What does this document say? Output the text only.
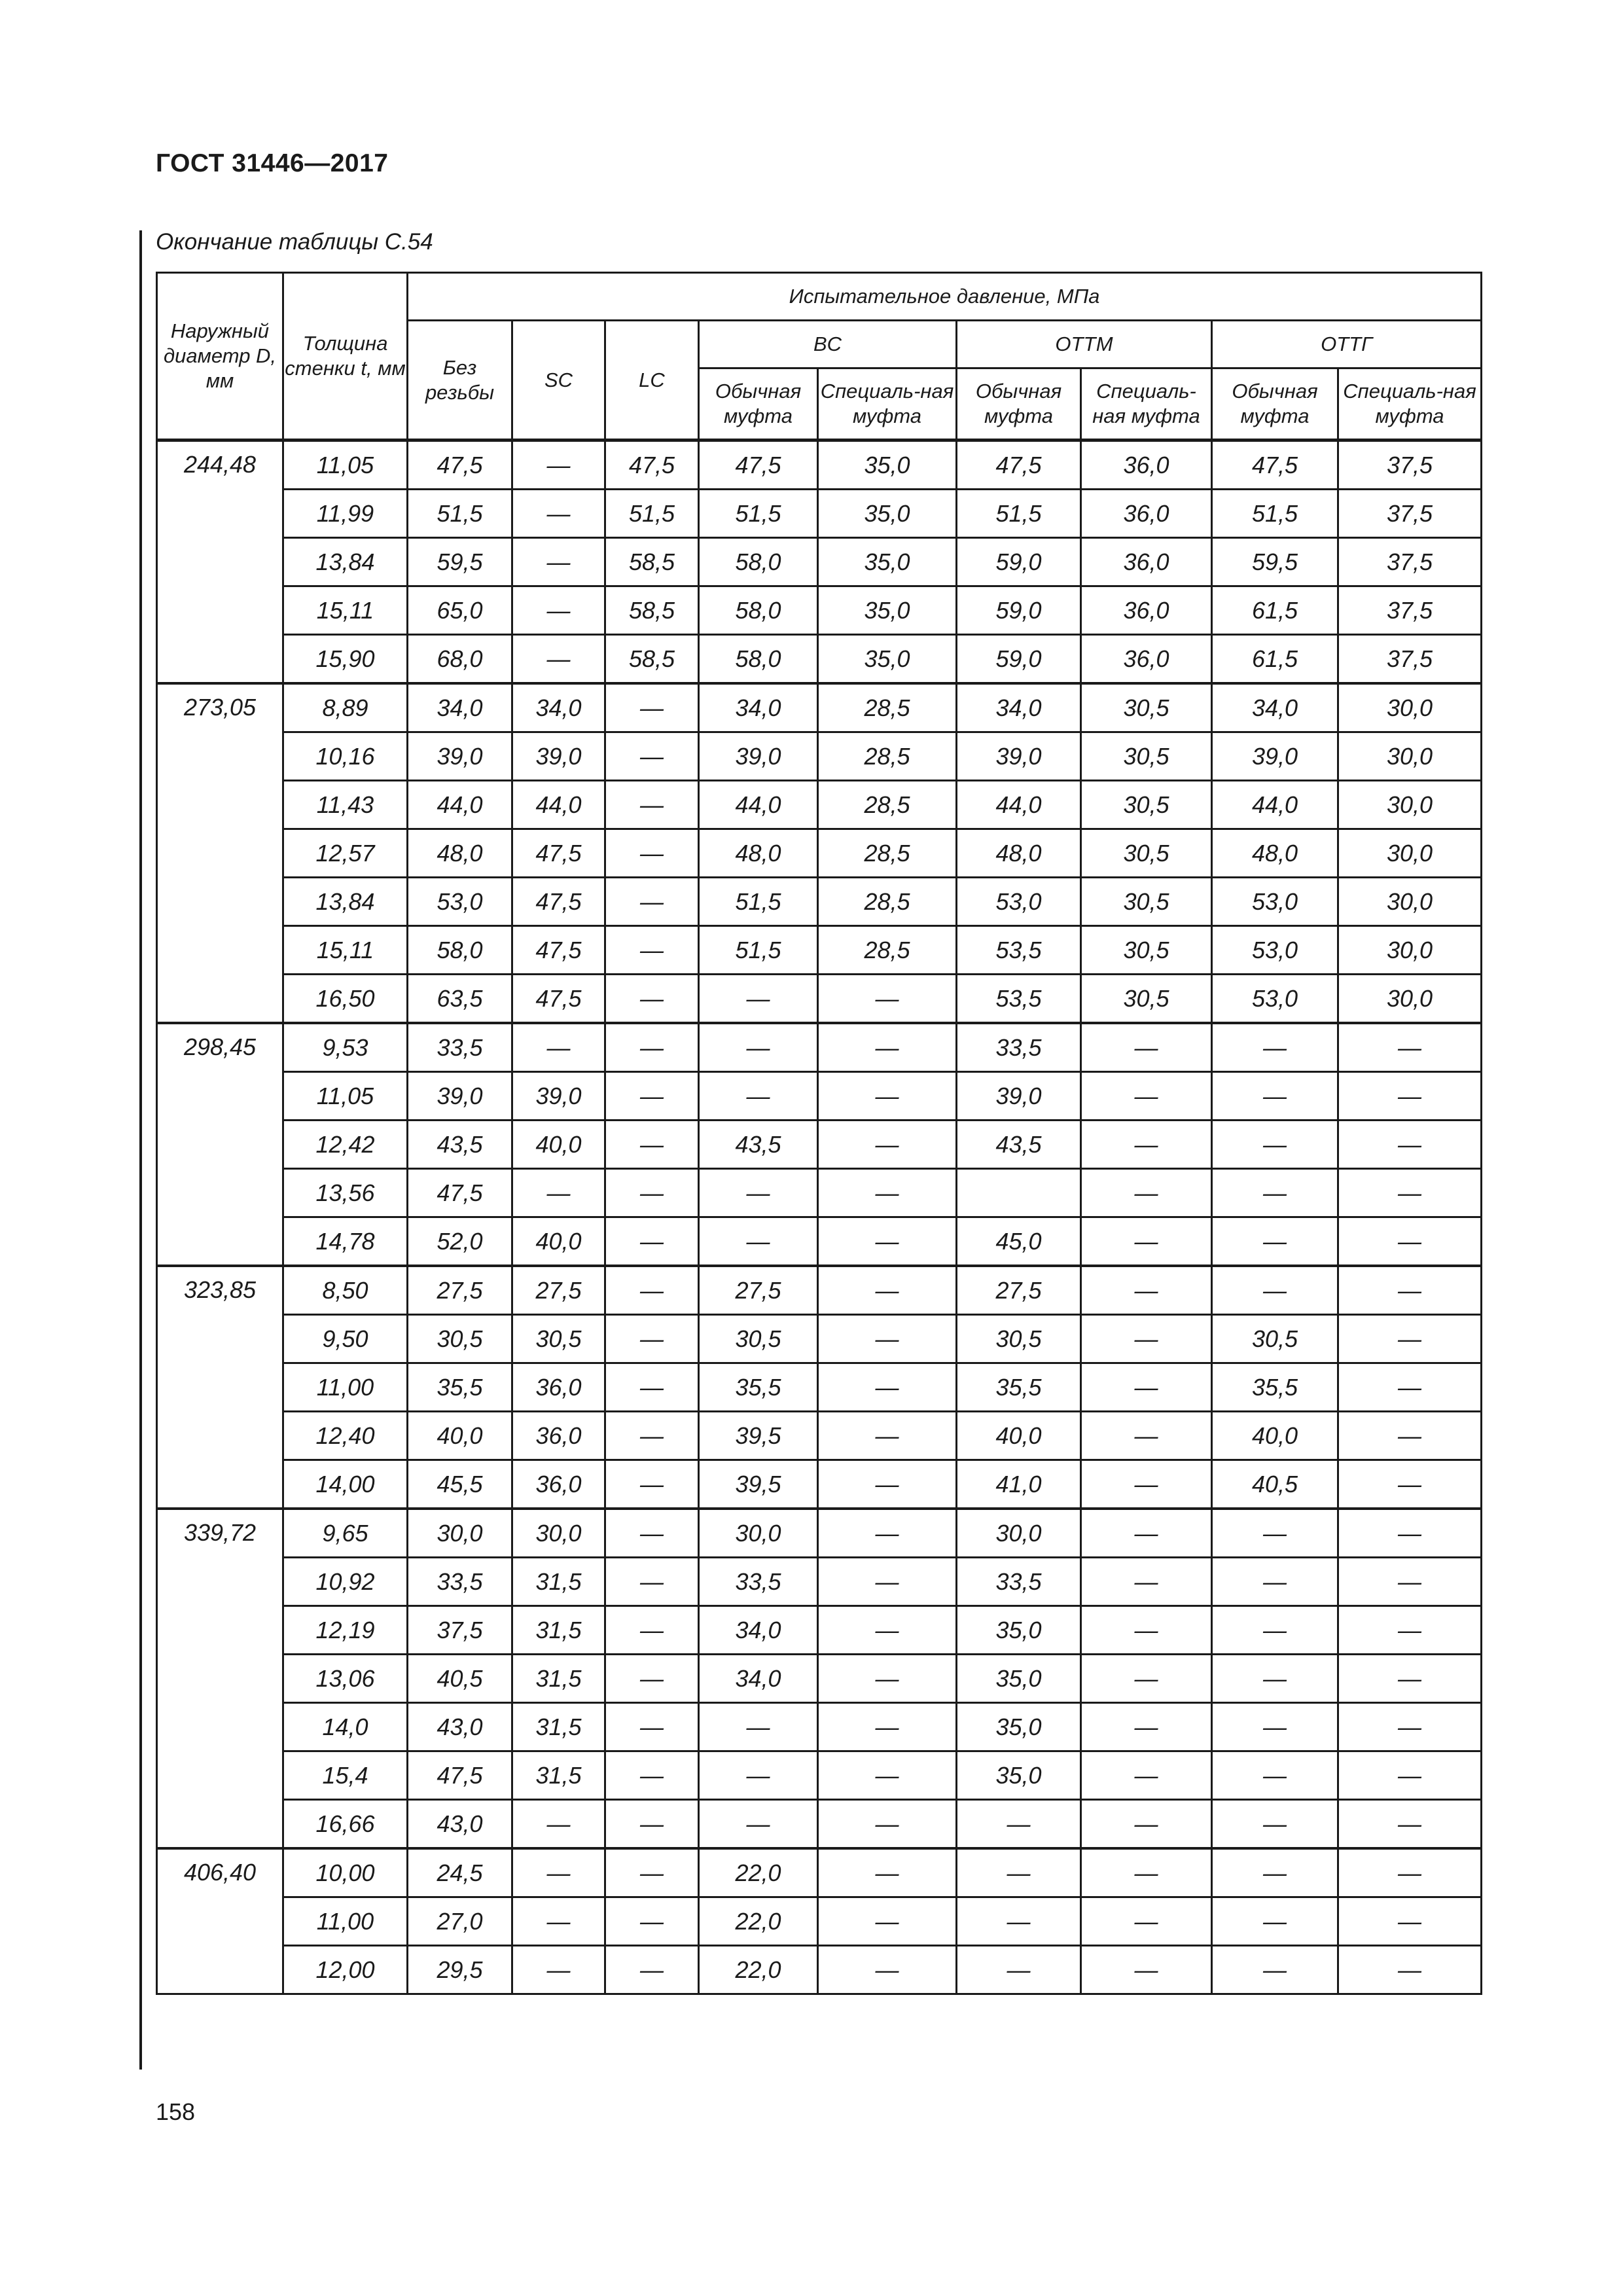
ГОСТ 31446—2017
Окончание таблицы С.54
Наружный диаметр D, мм	Толщина стенки t, мм	Испытательное давление, МПа								
		Без резьбы	SC	LC	BC		ОТТМ		ОТТГ	
					Обычная муфта	Специаль-ная муфта	Обычная муфта	Специаль-ная муфта	Обычная муфта	Специаль-ная муфта
244,48	11,05	47,5	—	47,5	47,5	35,0	47,5	36,0	47,5	37,5
	11,99	51,5	—	51,5	51,5	35,0	51,5	36,0	51,5	37,5
	13,84	59,5	—	58,5	58,0	35,0	59,0	36,0	59,5	37,5
	15,11	65,0	—	58,5	58,0	35,0	59,0	36,0	61,5	37,5
	15,90	68,0	—	58,5	58,0	35,0	59,0	36,0	61,5	37,5
273,05	8,89	34,0	34,0	—	34,0	28,5	34,0	30,5	34,0	30,0
	10,16	39,0	39,0	—	39,0	28,5	39,0	30,5	39,0	30,0
	11,43	44,0	44,0	—	44,0	28,5	44,0	30,5	44,0	30,0
	12,57	48,0	47,5	—	48,0	28,5	48,0	30,5	48,0	30,0
	13,84	53,0	47,5	—	51,5	28,5	53,0	30,5	53,0	30,0
	15,11	58,0	47,5	—	51,5	28,5	53,5	30,5	53,0	30,0
	16,50	63,5	47,5	—	—	—	53,5	30,5	53,0	30,0
298,45	9,53	33,5	—	—	—	—	33,5	—	—	—
	11,05	39,0	39,0	—	—	—	39,0	—	—	—
	12,42	43,5	40,0	—	43,5	—	43,5	—	—	—
	13,56	47,5	—	—	—	—		—	—	—
	14,78	52,0	40,0	—	—	—	45,0	—	—	—
323,85	8,50	27,5	27,5	—	27,5	—	27,5	—	—	—
	9,50	30,5	30,5	—	30,5	—	30,5	—	30,5	—
	11,00	35,5	36,0	—	35,5	—	35,5	—	35,5	—
	12,40	40,0	36,0	—	39,5	—	40,0	—	40,0	—
	14,00	45,5	36,0	—	39,5	—	41,0	—	40,5	—
339,72	9,65	30,0	30,0	—	30,0	—	30,0	—	—	—
	10,92	33,5	31,5	—	33,5	—	33,5	—	—	—
	12,19	37,5	31,5	—	34,0	—	35,0	—	—	—
	13,06	40,5	31,5	—	34,0	—	35,0	—	—	—
	14,0	43,0	31,5	—	—	—	35,0	—	—	—
	15,4	47,5	31,5	—	—	—	35,0	—	—	—
	16,66	43,0	—	—	—	—	—	—	—	—
406,40	10,00	24,5	—	—	22,0	—	—	—	—	—
	11,00	27,0	—	—	22,0	—	—	—	—	—
	12,00	29,5	—	—	22,0	—	—	—	—	—
158
